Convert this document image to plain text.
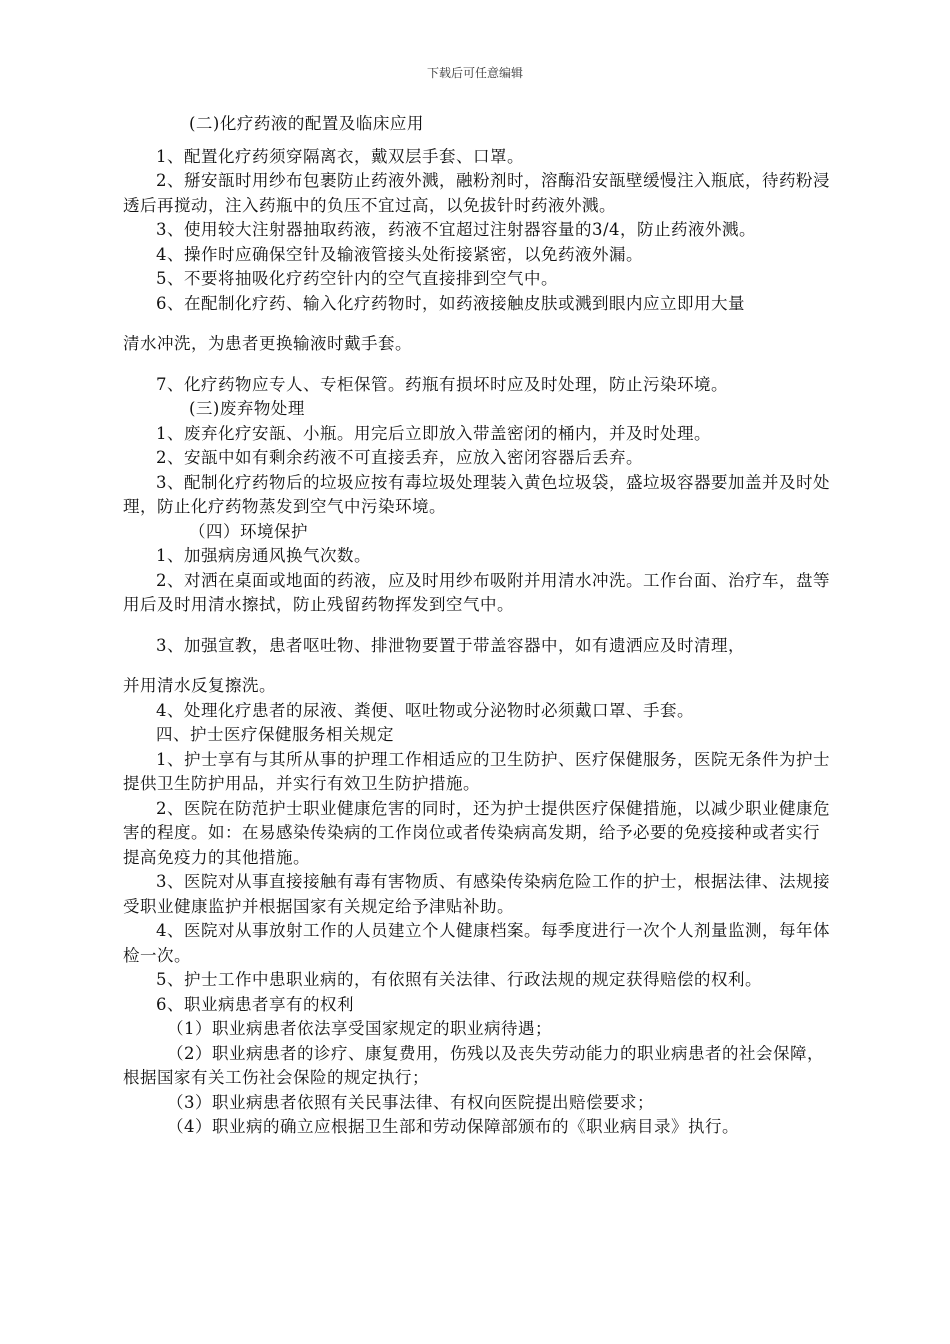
下载后可任意编辑

(二)化疗药液的配置及临床应用

1、配置化疗药须穿隔离衣，戴双层手套、口罩。

2、掰安瓿时用纱布包裹防止药液外溅，融粉剂时，溶酶沿安瓿壁缓慢注入瓶底，待药粉浸透后再搅动，注入药瓶中的负压不宜过高，以免拔针时药液外溅。

3、使用较大注射器抽取药液，药液不宜超过注射器容量的3/4，防止药液外溅。

4、操作时应确保空针及输液管接头处衔接紧密，以免药液外漏。

5、不要将抽吸化疗药空针内的空气直接排到空气中。

6、在配制化疗药、输入化疗药物时，如药液接触皮肤或溅到眼内应立即用大量

清水冲洗，为患者更换输液时戴手套。

7、化疗药物应专人、专柜保管。药瓶有损坏时应及时处理，防止污染环境。

(三)废弃物处理

1、废弃化疗安瓿、小瓶。用完后立即放入带盖密闭的桶内，并及时处理。

2、安瓿中如有剩余药液不可直接丢弃，应放入密闭容器后丢弃。

3、配制化疗药物后的垃圾应按有毒垃圾处理装入黄色垃圾袋，盛垃圾容器要加盖并及时处理，防止化疗药物蒸发到空气中污染环境。

（四）环境保护

1、加强病房通风换气次数。

2、对洒在桌面或地面的药液，应及时用纱布吸附并用清水冲洗。工作台面、治疗车，盘等用后及时用清水擦拭，防止残留药物挥发到空气中。

3、加强宣教，患者呕吐物、排泄物要置于带盖容器中，如有遗洒应及时清理，

并用清水反复擦洗。

4、处理化疗患者的尿液、粪便、呕吐物或分泌物时必须戴口罩、手套。

四、护士医疗保健服务相关规定

1、护士享有与其所从事的护理工作相适应的卫生防护、医疗保健服务，医院无条件为护士提供卫生防护用品，并实行有效卫生防护措施。

2、医院在防范护士职业健康危害的同时，还为护士提供医疗保健措施，以减少职业健康危害的程度。如：在易感染传染病的工作岗位或者传染病高发期，给予必要的免疫接种或者实行提高免疫力的其他措施。

3、医院对从事直接接触有毒有害物质、有感染传染病危险工作的护士，根据法律、法规接受职业健康监护并根据国家有关规定给予津贴补助。

4、医院对从事放射工作的人员建立个人健康档案。每季度进行一次个人剂量监测，每年体检一次。

5、护士工作中患职业病的，有依照有关法律、行政法规的规定获得赔偿的权利。

6、职业病患者享有的权利

（1）职业病患者依法享受国家规定的职业病待遇；

（2）职业病患者的诊疗、康复费用，伤残以及丧失劳动能力的职业病患者的社会保障，根据国家有关工伤社会保险的规定执行；

（3）职业病患者依照有关民事法律、有权向医院提出赔偿要求；

（4）职业病的确立应根据卫生部和劳动保障部颁布的《职业病目录》执行。
